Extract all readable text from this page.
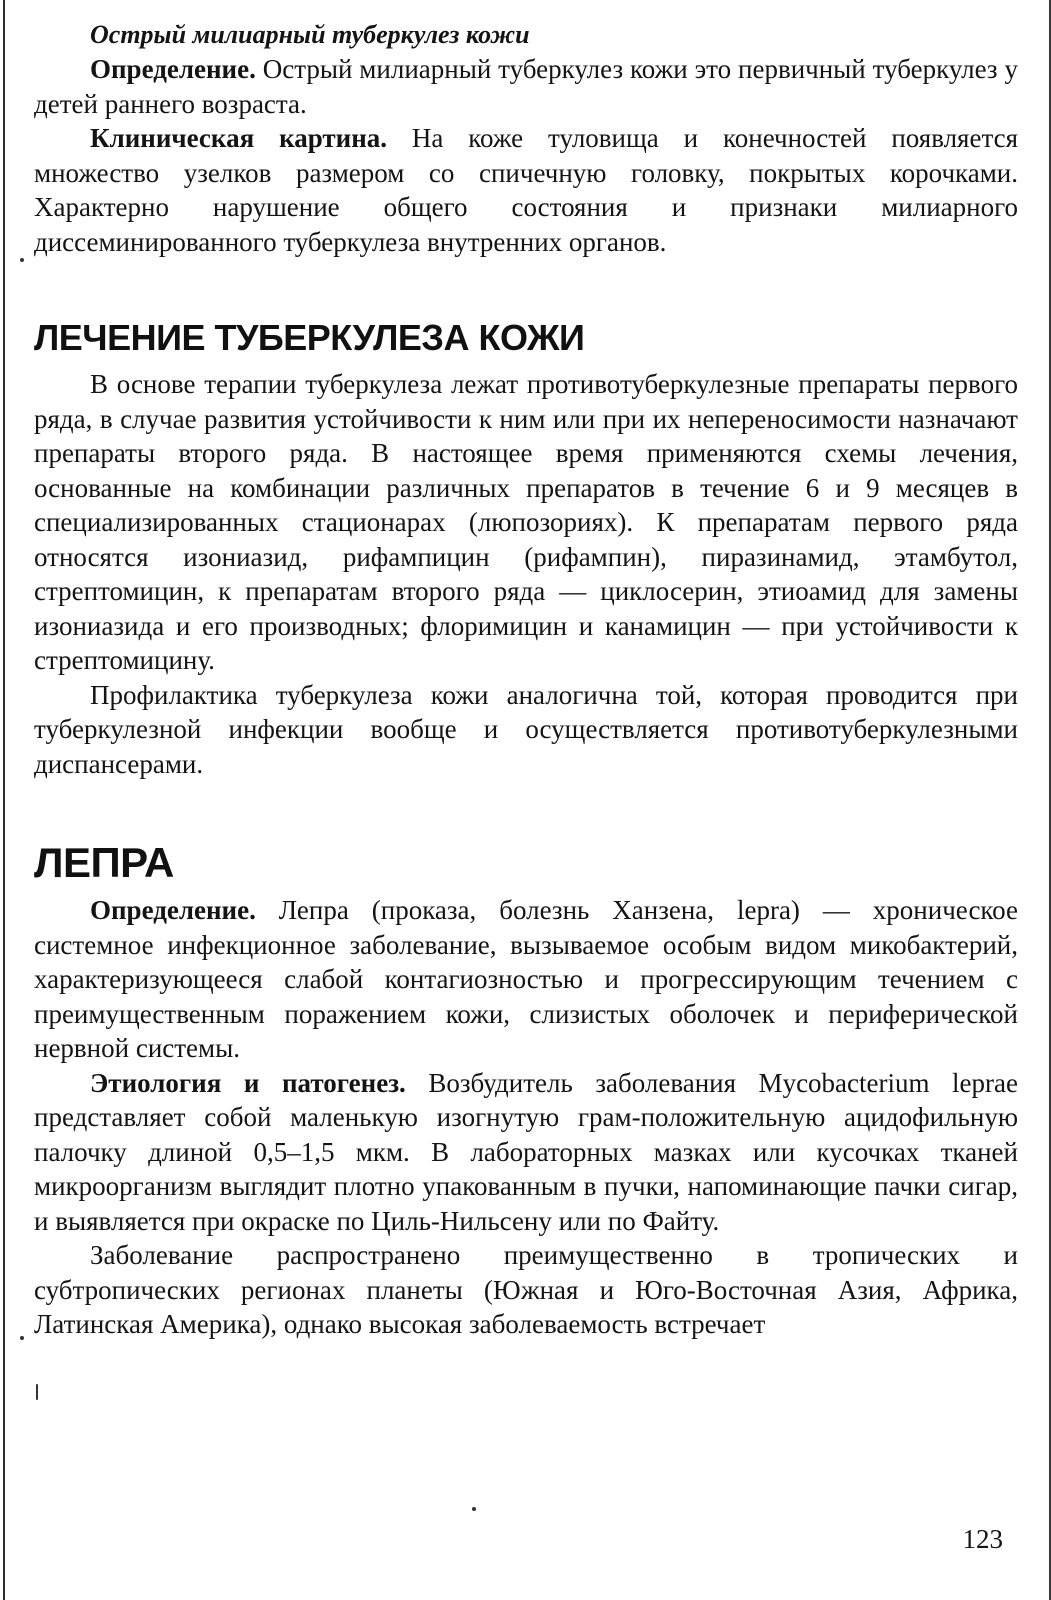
Острый милиарный туберкулез кожи

Определение. Острый милиарный туберкулез кожи это первичный туберкулез у детей раннего возраста.

Клиническая картина. На коже туловища и конечностей появляется множество узелков размером со спичечную головку, покрытых корочками. Характерно нарушение общего состояния и признаки милиарного диссеминированного туберкулеза внутренних органов.

ЛЕЧЕНИЕ ТУБЕРКУЛЕЗА КОЖИ

В основе терапии туберкулеза лежат противотуберкулезные препараты первого ряда, в случае развития устойчивости к ним или при их непереносимости назначают препараты второго ряда. В настоящее время применяются схемы лечения, основанные на комбинации различных препаратов в течение 6 и 9 месяцев в специализированных стационарах (люпозориях). К препаратам первого ряда относятся изониазид, рифампицин (рифампин), пиразинамид, этамбутол, стрептомицин, к препаратам второго ряда — циклосерин, этиоамид для замены изониазида и его производных; флоримицин и канамицин — при устойчивости к стрептомицину.

Профилактика туберкулеза кожи аналогична той, которая проводится при туберкулезной инфекции вообще и осуществляется противотуберкулезными диспансерами.

ЛЕПРА

Определение. Лепра (проказа, болезнь Ханзена, lepra) — хроническое системное инфекционное заболевание, вызываемое особым видом микобактерий, характеризующееся слабой контагиозностью и прогрессирующим течением с преимущественным поражением кожи, слизистых оболочек и периферической нервной системы.

Этиология и патогенез. Возбудитель заболевания Mycobacterium leprae представляет собой маленькую изогнутую грам-положительную ацидофильную палочку длиной 0,5–1,5 мкм. В лабораторных мазках или кусочках тканей микроорганизм выглядит плотно упакованным в пучки, напоминающие пачки сигар, и выявляется при окраске по Циль-Нильсену или по Файту.

Заболевание распространено преимущественно в тропических и субтропических регионах планеты (Южная и Юго-Восточная Азия, Африка, Латинская Америка), однако высокая заболеваемость встречает

123
